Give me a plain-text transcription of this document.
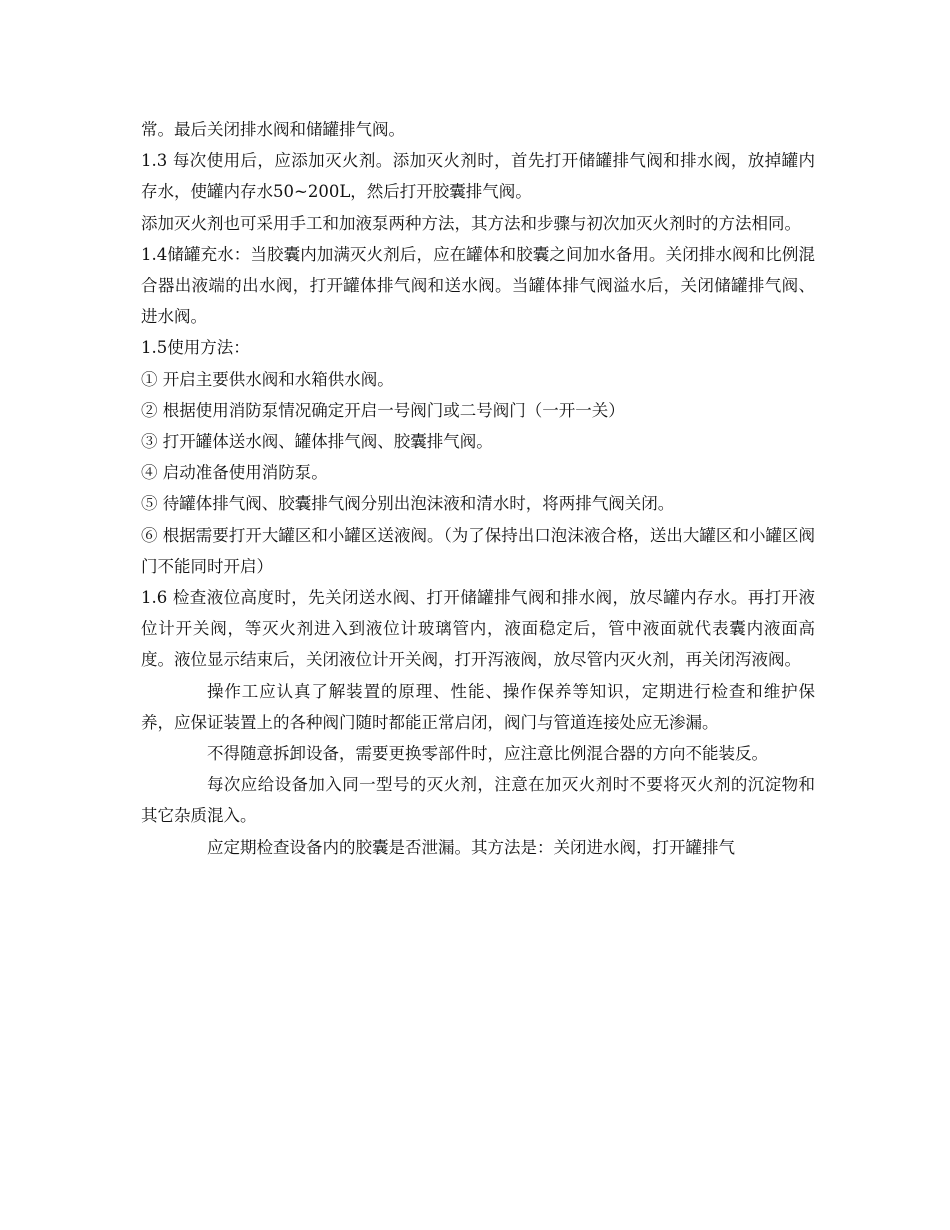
常。最后关闭排水阀和储罐排气阀。

1.3 每次使用后，应添加灭火剂。添加灭火剂时，首先打开储罐排气阀和排水阀，放掉罐内存水，使罐内存水50~200L，然后打开胶囊排气阀。

添加灭火剂也可采用手工和加液泵两种方法，其方法和步骤与初次加灭火剂时的方法相同。

1.4储罐充水：当胶囊内加满灭火剂后，应在罐体和胶囊之间加水备用。关闭排水阀和比例混合器出液端的出水阀，打开罐体排气阀和送水阀。当罐体排气阀溢水后，关闭储罐排气阀、进水阀。

1.5使用方法：

① 开启主要供水阀和水箱供水阀。

② 根据使用消防泵情况确定开启一号阀门或二号阀门（一开一关）

③ 打开罐体送水阀、罐体排气阀、胶囊排气阀。

④ 启动准备使用消防泵。

⑤ 待罐体排气阀、胶囊排气阀分别出泡沫液和清水时，将两排气阀关闭。

⑥ 根据需要打开大罐区和小罐区送液阀。（为了保持出口泡沫液合格，送出大罐区和小罐区阀门不能同时开启）

1.6 检查液位高度时，先关闭送水阀、打开储罐排气阀和排水阀，放尽罐内存水。再打开液位计开关阀，等灭火剂进入到液位计玻璃管内，液面稳定后，管中液面就代表囊内液面高度。液位显示结束后，关闭液位计开关阀，打开泻液阀，放尽管内灭火剂，再关闭泻液阀。

操作工应认真了解装置的原理、性能、操作保养等知识，定期进行检查和维护保养，应保证装置上的各种阀门随时都能正常启闭，阀门与管道连接处应无渗漏。

不得随意拆卸设备，需要更换零部件时，应注意比例混合器的方向不能装反。

每次应给设备加入同一型号的灭火剂，注意在加灭火剂时不要将灭火剂的沉淀物和其它杂质混入。

应定期检查设备内的胶囊是否泄漏。其方法是：关闭进水阀，打开罐排气
